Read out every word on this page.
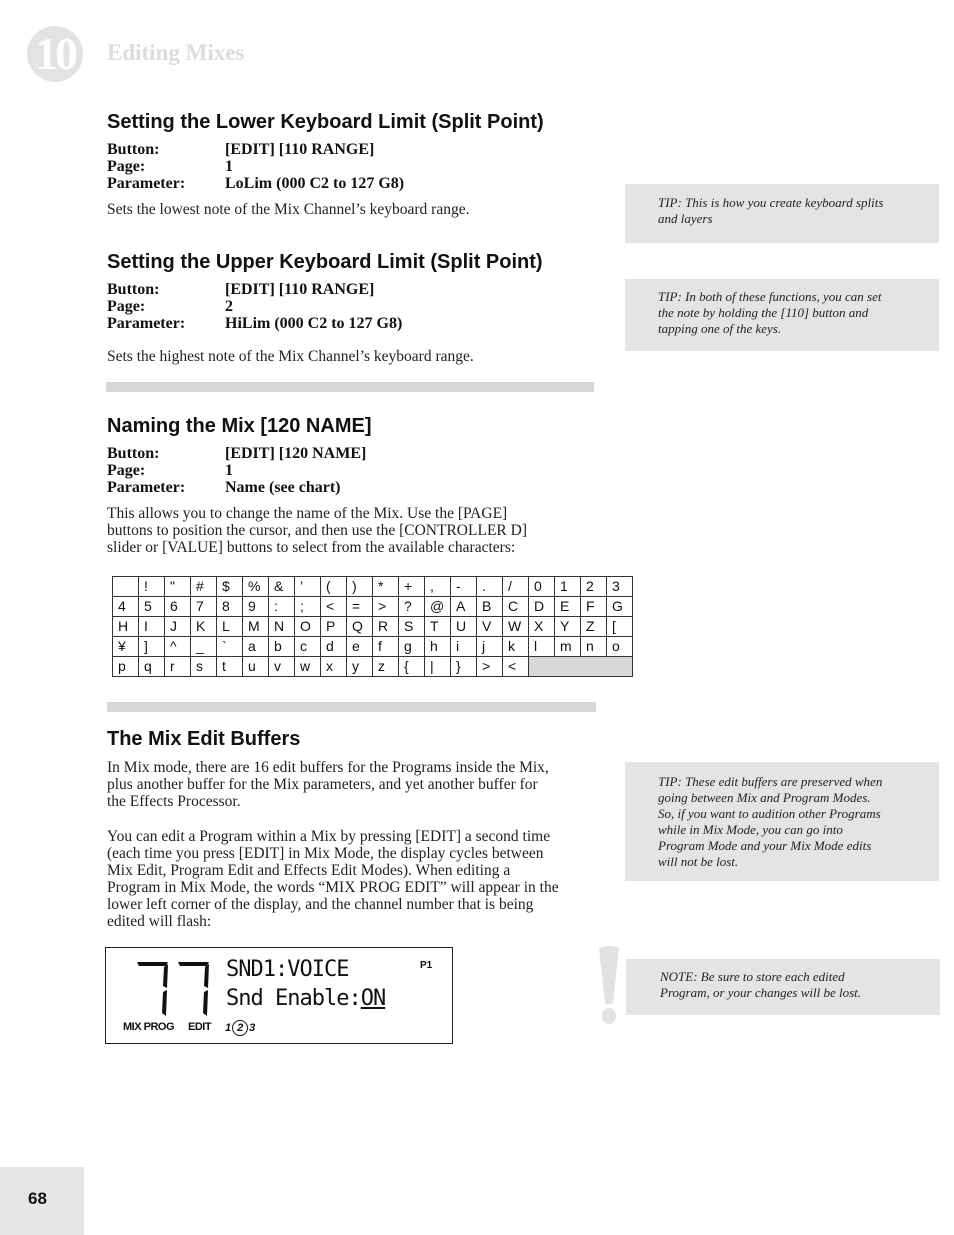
10	Editing Mixes
Setting the Lower Keyboard Limit (Split Point)
Button:	[EDIT] [110 RANGE]
Page:	1
Parameter:	LoLim (000 C2 to 127 G8)
Sets the lowest note of the Mix Channel’s keyboard range.	TIP: This is how you create keyboard splits
and layers
Setting the Upper Keyboard Limit (Split Point)
Button:	[EDIT] [110 RANGE]
Page:	2
Parameter:	HiLim (000 C2 to 127 G8)
Sets the highest note of the Mix Channel’s keyboard range.
TIP: In both of these functions, you can set
the note by holding the [110] button and
tapping one of the keys.
Naming the Mix [120 NAME]
Button:	[EDIT] [120 NAME]
Page:	1
Parameter:	Name (see chart)
This allows you to change the name of the Mix. Use the [PAGE]
buttons to position the cursor, and then use the [CONTROLLER D]
slider or [VALUE] buttons to select from the available characters:
	!	"	#	$	%	&	’	(	)	*	+	,	-	.	/	0	1	2	3
4	5	6	7	8	9	:	;	<	=	>	?	@	A	B	C	D	E	F	G
H	I	J	K	L	M	N	O	P	Q	R	S	T	U	V	W	X	Y	Z	[
¥	]	^	_	`	a	b	c	d	e	f	g	h	i	j	k	l	m	n	o
p	q	r	s	t	u	v	w	x	y	z	{	|	}	>	<				
The Mix Edit Buffers
In Mix mode, there are 16 edit buffers for the Programs inside the Mix,
plus another buffer for the Mix parameters, and yet another buffer for
the Effects Processor.
You can edit a Program within a Mix by pressing [EDIT] a second time
(each time you press [EDIT] in Mix Mode, the display cycles between
Mix Edit, Program Edit and Effects Edit Modes). When editing a
Program in Mix Mode, the words “MIX PROG EDIT” will appear in the
lower left corner of the display, and the channel number that is being
edited will flash:
TIP: These edit buffers are preserved when
going between Mix and Program Modes.
So, if you want to audition other Programs
while in Mix Mode, you can go into
Program Mode and your Mix Mode edits
will not be lost.
NOTE: Be sure to store each edited
Program, or your changes will be lost.
SND1:VOICE
Snd Enable:ON
P1
MIX PROG EDIT 1 2 3
68
